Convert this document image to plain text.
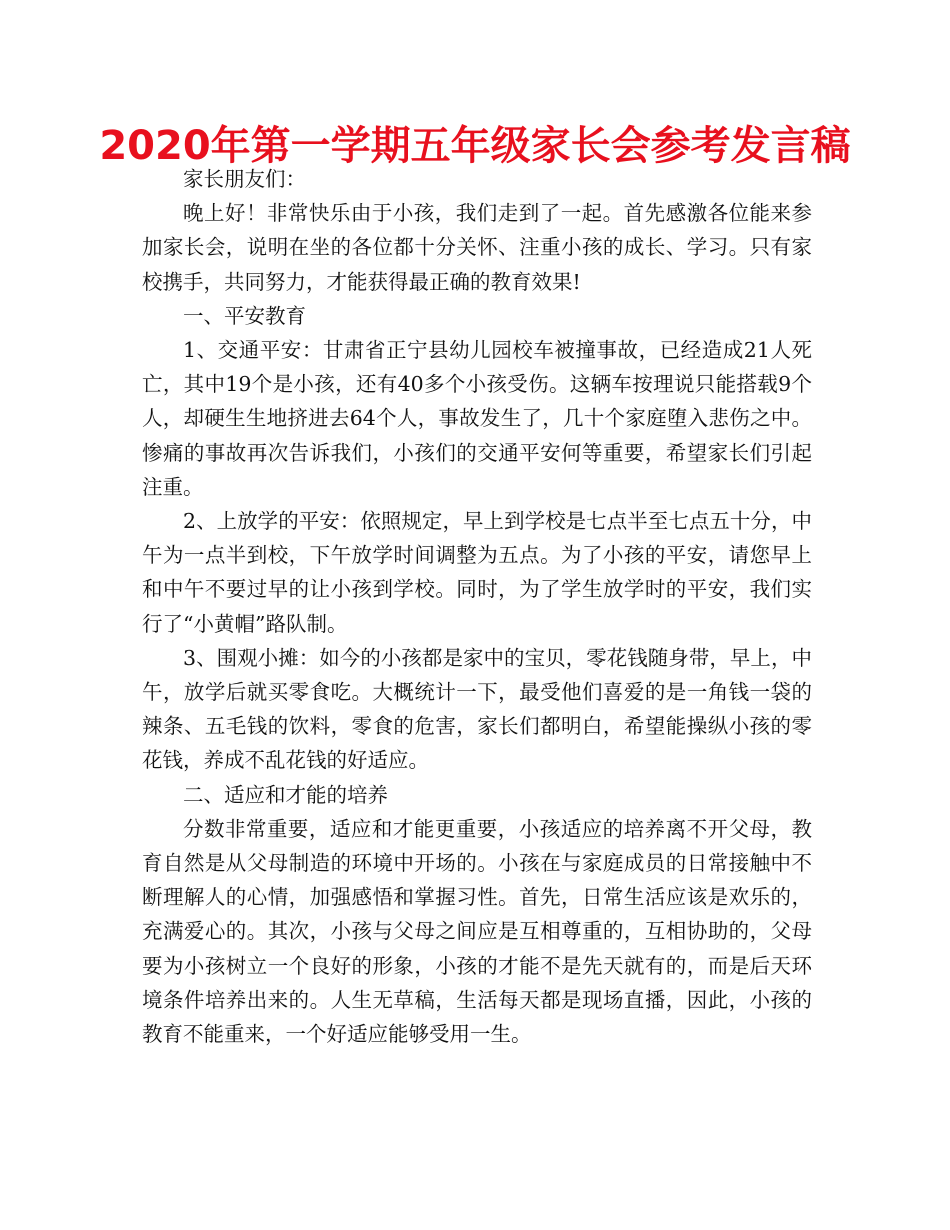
2020年第一学期五年级家长会参考发言稿

家长朋友们：

晚上好！非常快乐由于小孩，我们走到了一起。首先感激各位能来参加家长会，说明在坐的各位都十分关怀、注重小孩的成长、学习。只有家校携手，共同努力，才能获得最正确的教育效果!

一、平安教育

1、交通平安：甘肃省正宁县幼儿园校车被撞事故，已经造成21人死亡，其中19个是小孩，还有40多个小孩受伤。这辆车按理说只能搭载9个人，却硬生生地挤进去64个人，事故发生了，几十个家庭堕入悲伤之中。惨痛的事故再次告诉我们，小孩们的交通平安何等重要，希望家长们引起注重。

2、上放学的平安：依照规定，早上到学校是七点半至七点五十分，中午为一点半到校，下午放学时间调整为五点。为了小孩的平安，请您早上和中午不要过早的让小孩到学校。同时，为了学生放学时的平安，我们实行了“小黄帽”路队制。

3、围观小摊：如今的小孩都是家中的宝贝，零花钱随身带，早上，中午，放学后就买零食吃。大概统计一下，最受他们喜爱的是一角钱一袋的辣条、五毛钱的饮料，零食的危害，家长们都明白，希望能操纵小孩的零花钱，养成不乱花钱的好适应。

二、适应和才能的培养

分数非常重要，适应和才能更重要，小孩适应的培养离不开父母，教育自然是从父母制造的环境中开场的。小孩在与家庭成员的日常接触中不断理解人的心情，加强感悟和掌握习性。首先，日常生活应该是欢乐的，充满爱心的。其次，小孩与父母之间应是互相尊重的，互相协助的，父母要为小孩树立一个良好的形象，小孩的才能不是先天就有的，而是后天环境条件培养出来的。人生无草稿，生活每天都是现场直播，因此，小孩的教育不能重来，一个好适应能够受用一生。
